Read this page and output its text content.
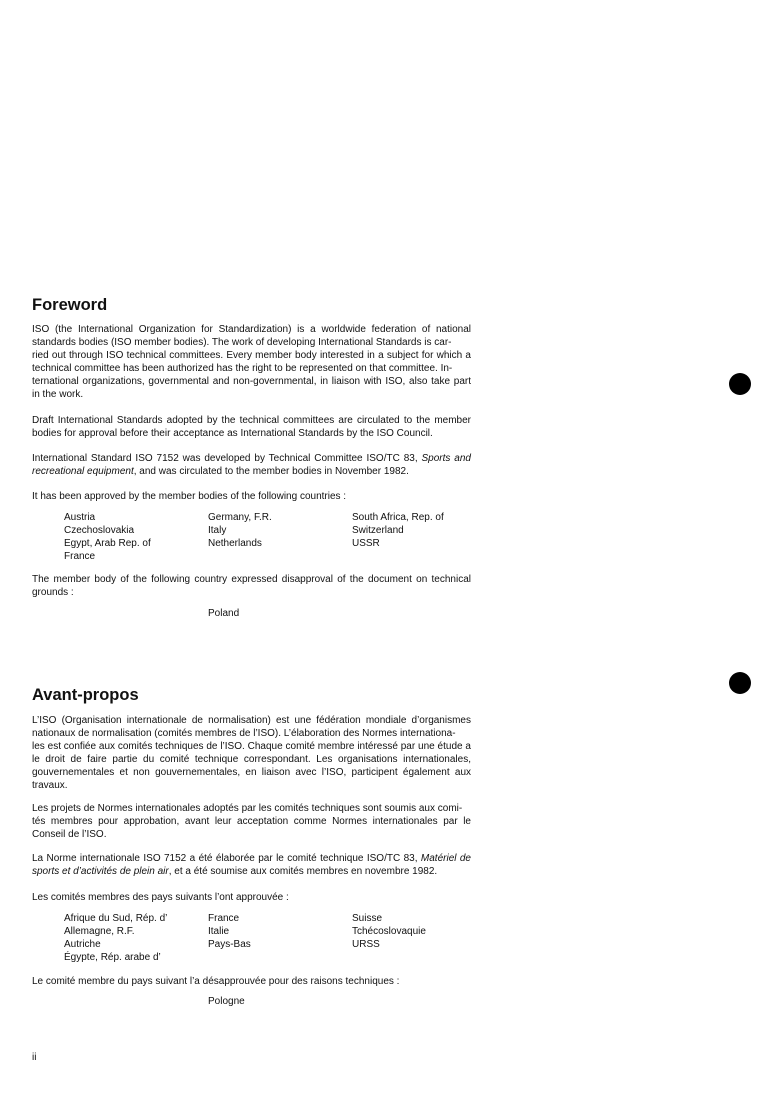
Foreword

ISO (the International Organization for Standardization) is a worldwide federation of national standards bodies (ISO member bodies). The work of developing International Standards is car-
ried out through ISO technical committees. Every member body interested in a subject for which a technical committee has been authorized has the right to be represented on that committee. In-
ternational organizations, governmental and non-governmental, in liaison with ISO, also take part in the work.

Draft International Standards adopted by the technical committees are circulated to the member bodies for approval before their acceptance as International Standards by the ISO Council.

International Standard ISO 7152 was developed by Technical Committee ISO/TC 83, Sports and recreational equipment, and was circulated to the member bodies in November 1982.

It has been approved by the member bodies of the following countries :

Austria
Czechoslovakia
Egypt, Arab Rep. of
France
Germany, F.R.
Italy
Netherlands
South Africa, Rep. of
Switzerland
USSR

The member body of the following country expressed disapproval of the document on technical grounds :

Poland
Avant-propos

L’ISO (Organisation internationale de normalisation) est une fédération mondiale d’organismes nationaux de normalisation (comités membres de l’ISO). L’élaboration des Normes internationa-
les est confiée aux comités techniques de l’ISO. Chaque comité membre intéressé par une étude a le droit de faire partie du comité technique correspondant. Les organisations internationales, gouvernementales et non gouvernementales, en liaison avec l’ISO, participent également aux travaux.

Les projets de Normes internationales adoptés par les comités techniques sont soumis aux comi-
tés membres pour approbation, avant leur acceptation comme Normes internationales par le Conseil de l’ISO.

La Norme internationale ISO 7152 a été élaborée par le comité technique ISO/TC 83, Matériel de sports et d’activités de plein air, et a été soumise aux comités membres en novembre 1982.

Les comités membres des pays suivants l’ont approuvée :

Afrique du Sud, Rép. d’
Allemagne, R.F.
Autriche
Égypte, Rép. arabe d’
France
Italie
Pays-Bas
Suisse
Tchécoslovaquie
URSS

Le comité membre du pays suivant l’a désapprouvée pour des raisons techniques :

Pologne
ii
